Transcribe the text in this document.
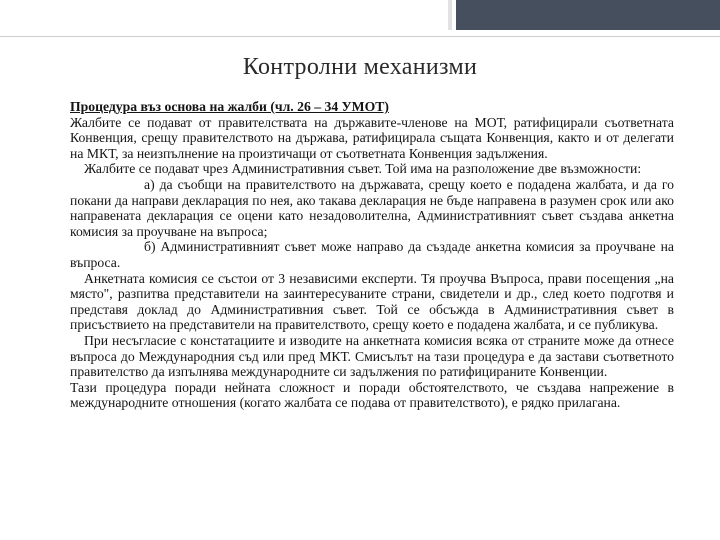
Контролни механизми

Процедура въз основа на жалби (чл. 26 – 34 УМОТ)

Жалбите се подават от правителствата на държавите-членове на МОТ, ратифицирали съответната Конвенция, срещу правителството на държава, ратифицирала същата Конвенция, както и от делегати на МКТ, за неизпълнение на произтичащи от съответната Конвенция задължения.

Жалбите се подават чрез Административния съвет. Той има на разположение две възможности:

а) да съобщи на правителството на държавата, срещу което е подадена жалбата, и да го покани да направи декларация по нея, ако такава декларация не бъде направена в разумен срок или ако направената декларация се оцени като незадоволителна, Административният съвет създава анкетна комисия за проучване на въпроса;

б) Административният съвет може направо да създаде анкетна комисия за проучване на въпроса.

Анкетната комисия се състои от 3 независими експерти. Тя проучва Въпроса, прави посещения „на място", разпитва представители на заинтересуваните страни, свидетели и др., след което подготвя и представя доклад до Административния съвет. Той се обсъжда в Административния съвет в присъствието на представители на правителството, срещу което е подадена жалбата, и се публикува.

При несъгласие с констатациите и изводите на анкетната комисия всяка от страните може да отнесе въпроса до Международния съд или пред МКТ. Смисълът на тази процедура е да застави съответното правителство да изпълнява международните си задължения по ратифицираните Конвенции.

Тази процедура поради нейната сложност и поради обстоятелството, че създава напрежение в международните отношения (когато жалбата се подава от правителството), е рядко прилагана.
